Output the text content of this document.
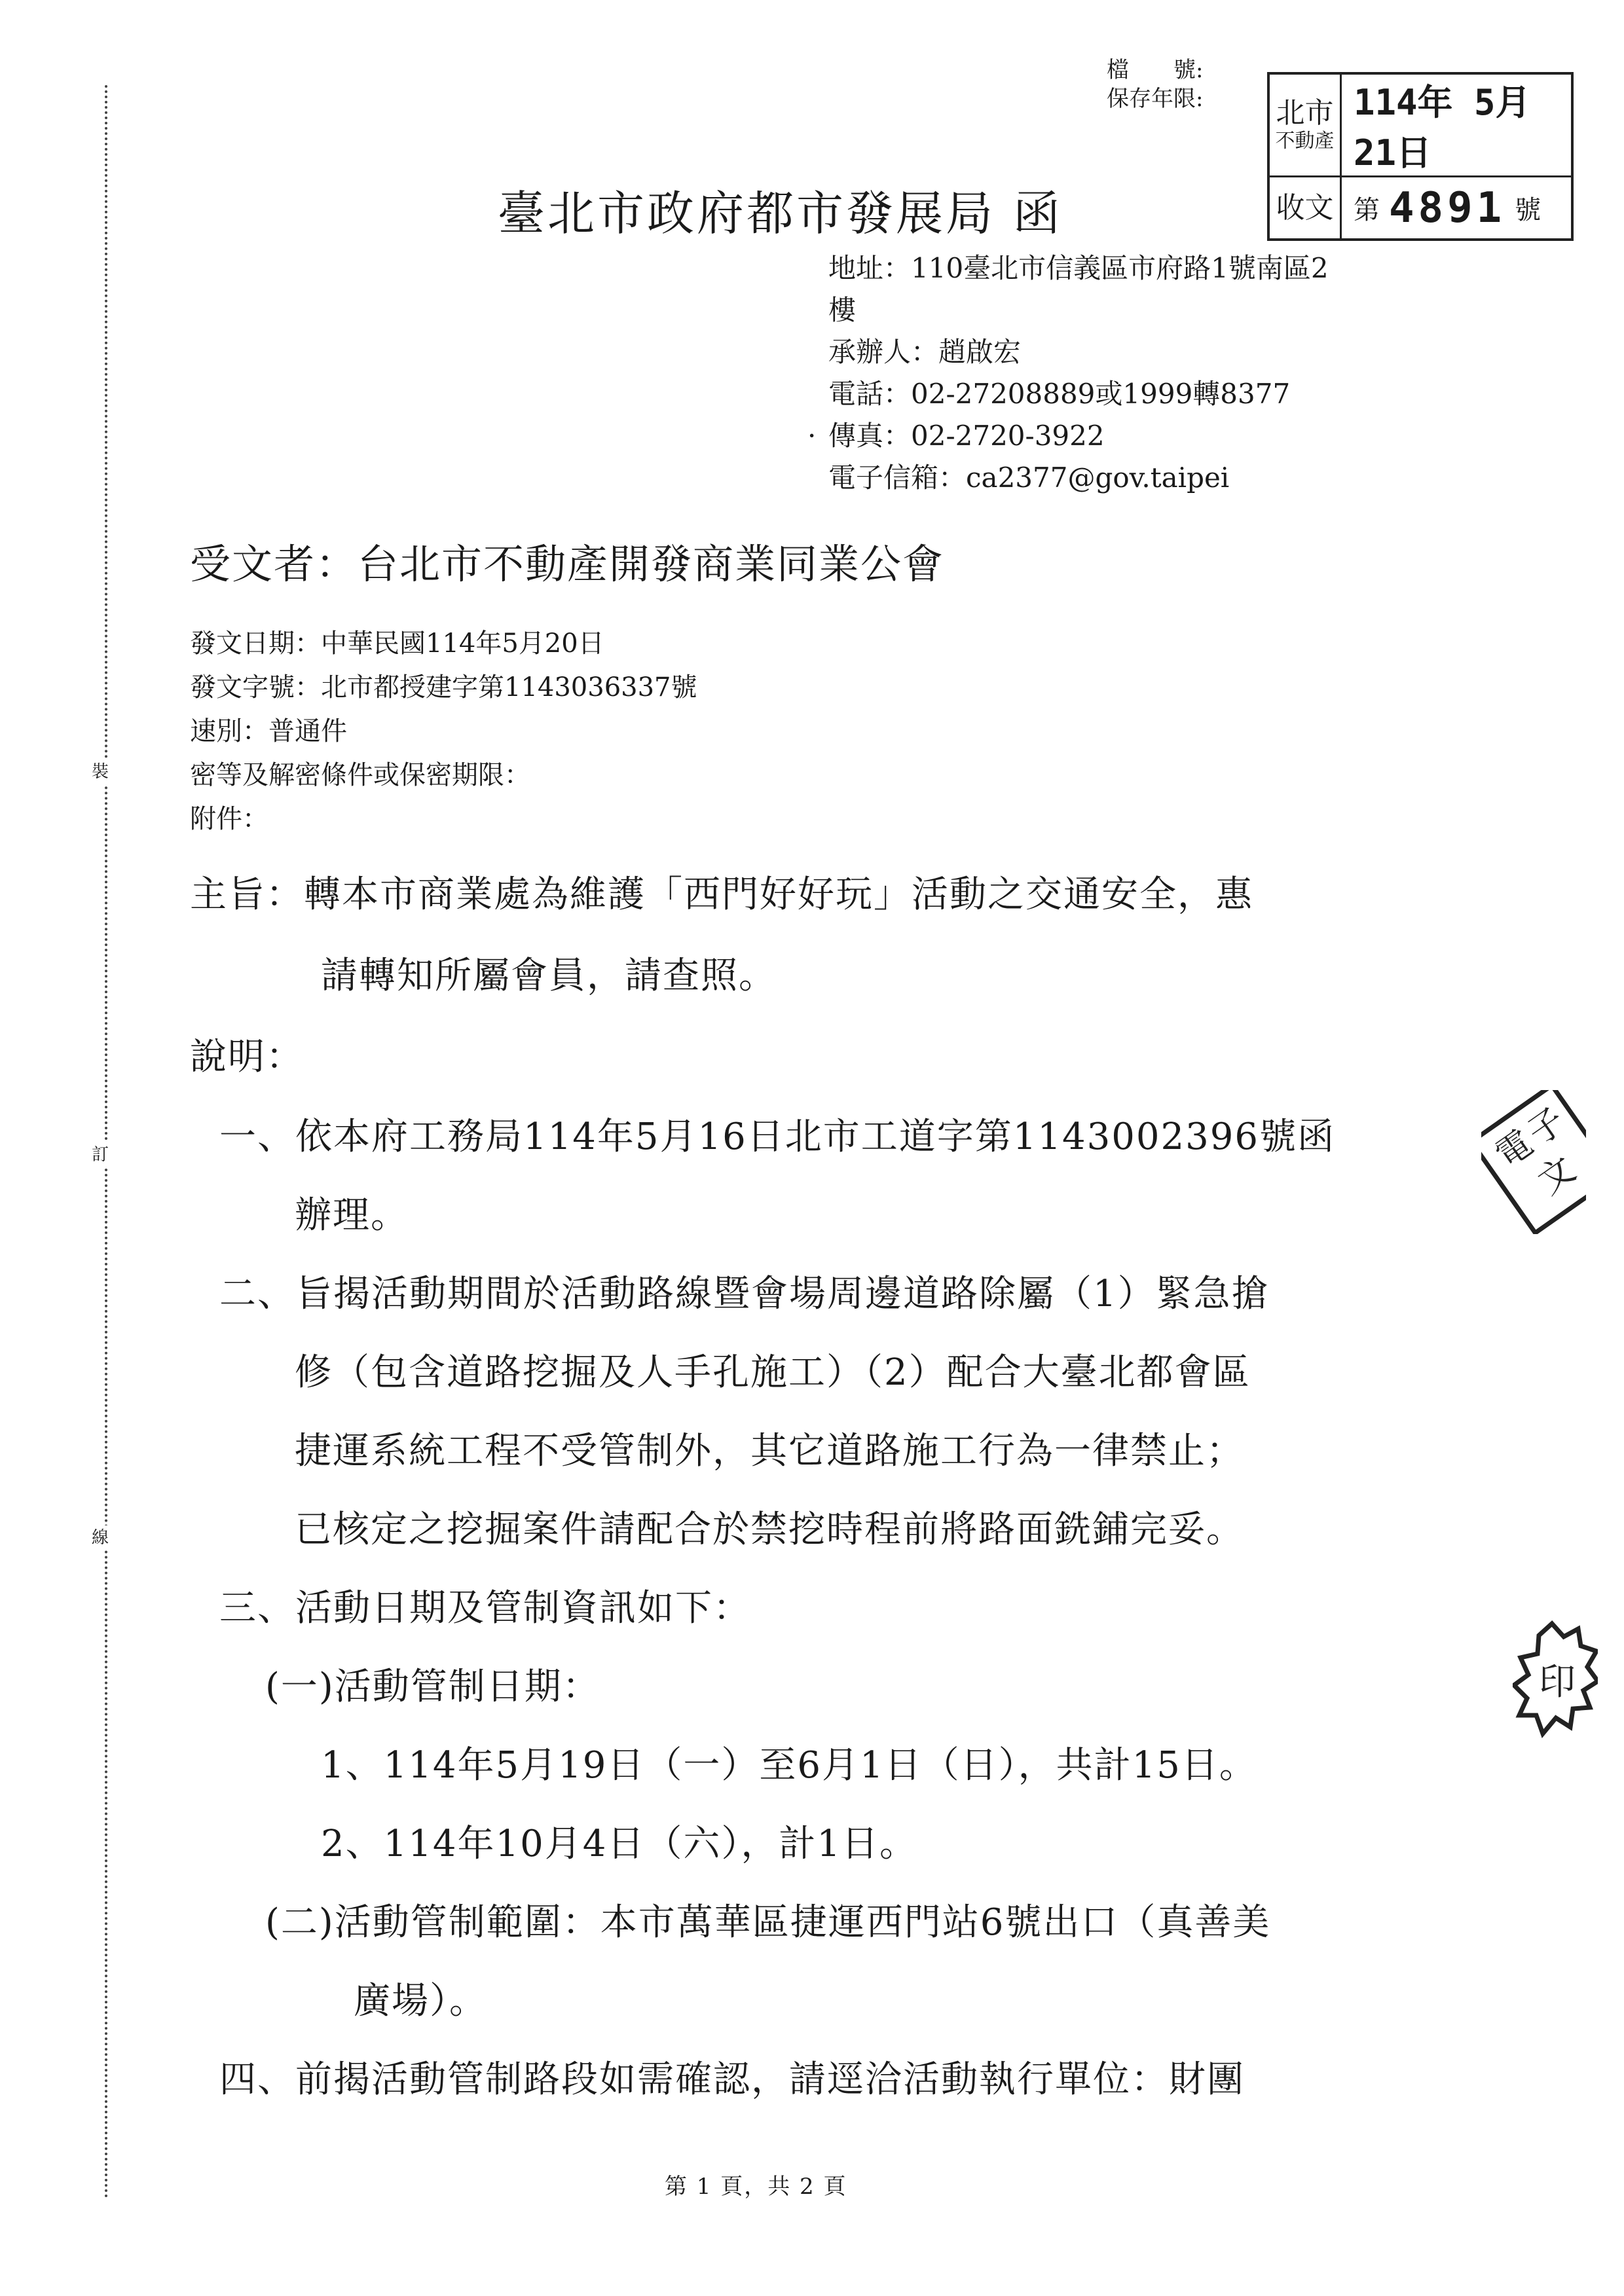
裝
訂
線
檔　　號:
保存年限:	北市
不動產
114年 5月21日
收文 第 4891 號
臺北市政府都市發展局 函
地址：110臺北市信義區市府路1號南區2
樓
承辦人：趙啟宏
電話：02-27208889或1999轉8377
· 傳真：02-2720-3922
電子信箱：ca2377@gov.taipei
受文者：台北市不動產開發商業同業公會
發文日期：中華民國114年5月20日
發文字號：北市都授建字第1143036337號
速別：普通件
密等及解密條件或保密期限：
附件：
主旨：轉本市商業處為維護「西門好好玩」活動之交通安全，惠
請轉知所屬會員，請查照。
說明：
一、依本府工務局114年5月16日北市工道字第1143002396號函
辦理。
二、旨揭活動期間於活動路線暨會場周邊道路除屬（1）緊急搶
修（包含道路挖掘及人手孔施工）（2）配合大臺北都會區
捷運系統工程不受管制外，其它道路施工行為一律禁止；
已核定之挖掘案件請配合於禁挖時程前將路面銑鋪完妥。
三、活動日期及管制資訊如下：
(一)活動管制日期：
1、114年5月19日（一）至6月1日（日），共計15日。
2、114年10月4日（六），計1日。
(二)活動管制範圍：本市萬華區捷運西門站6號出口（真善美
廣場）。
四、前揭活動管制路段如需確認，請逕洽活動執行單位：財團
第 1 頁，共 2 頁
電
子
文
印
